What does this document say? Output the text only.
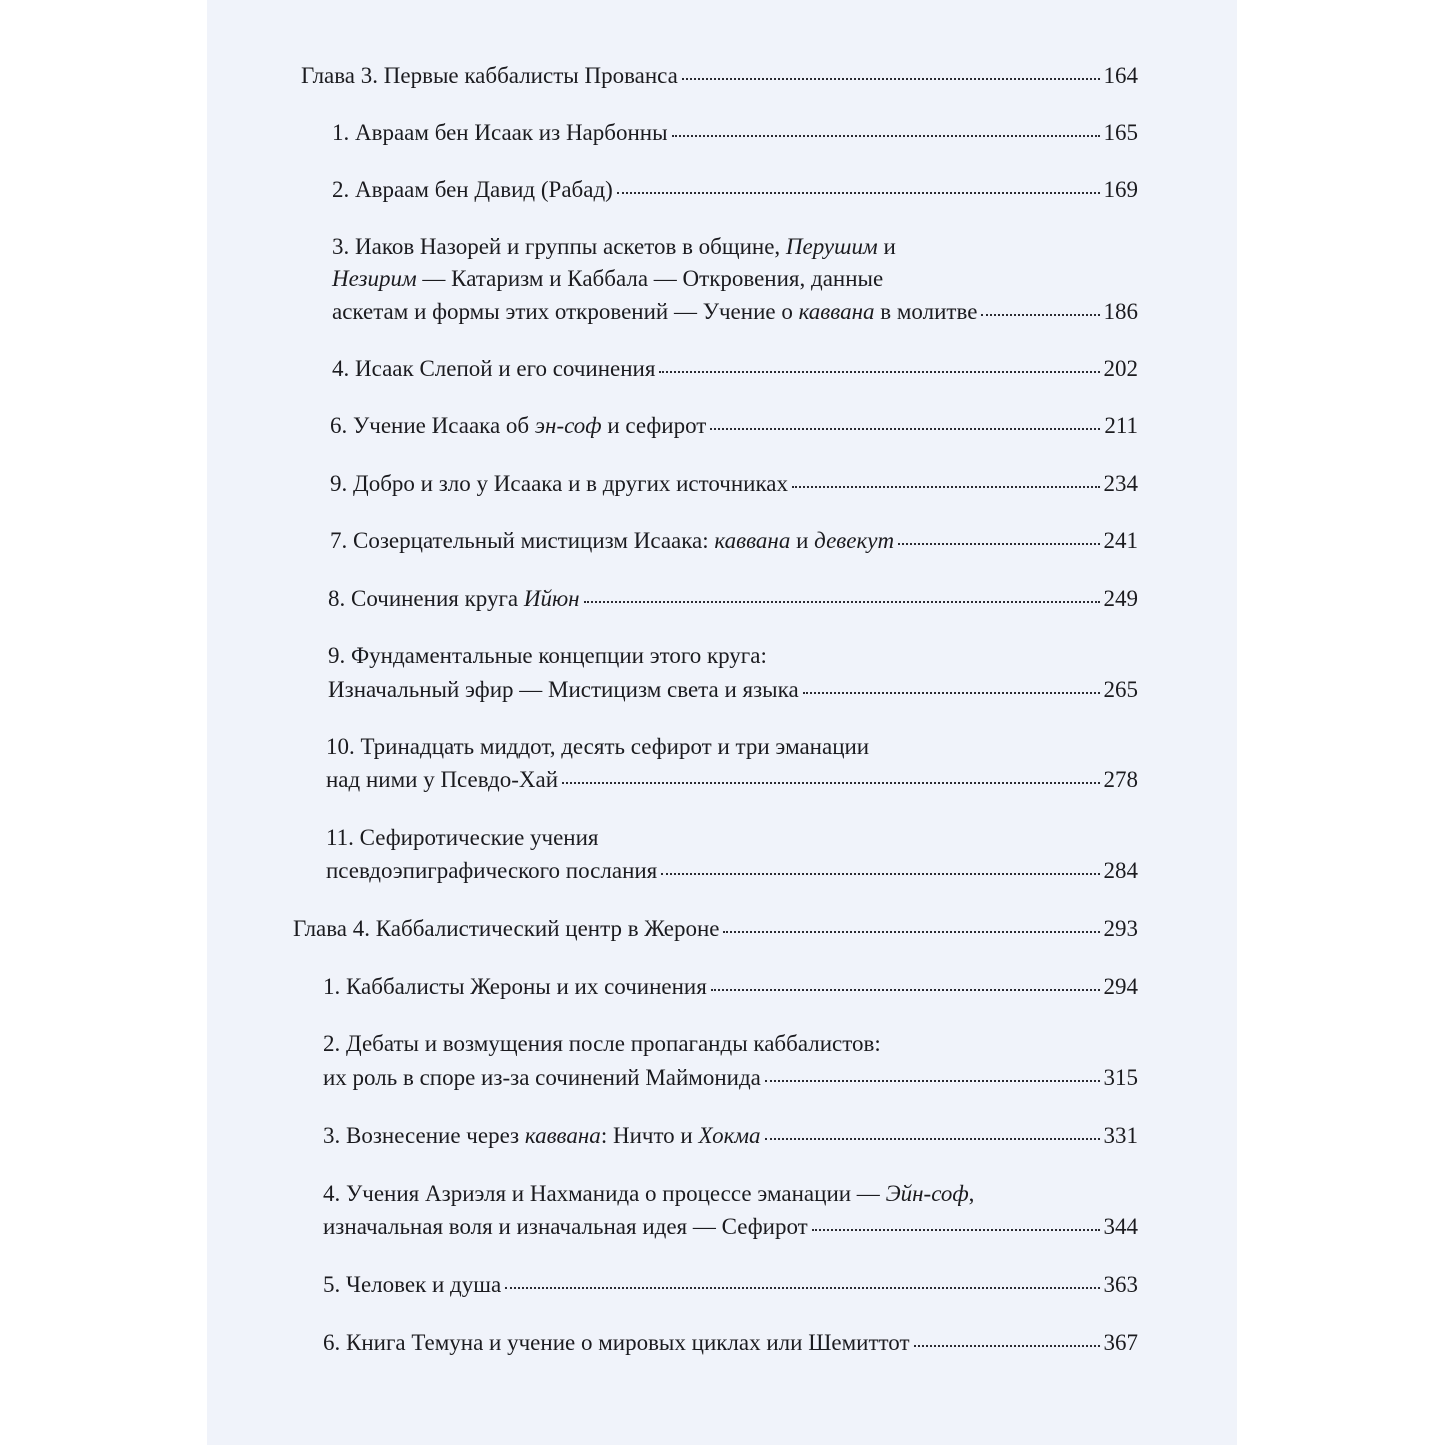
Глава 3. Первые каббалисты Прованса	164
1. Авраам бен Исаак из Нарбонны	165
2. Авраам бен Давид (Рабад)	169
3. Иаков Назорей и группы аскетов в общине, Перушим и
Незирим — Катаризм и Каббала — Откровения, данные
аскетам и формы этих откровений — Учение о каввана в молитве	186
4. Исаак Слепой и его сочинения	202
6. Учение Исаака об эн-соф и сефирот	211
9. Добро и зло у Исаака и в других источниках	234
7. Созерцательный мистицизм Исаака: каввана и девекут	241
8. Сочинения круга Ийюн	249
9. Фундаментальные концепции этого круга:
Изначальный эфир — Мистицизм света и языка	265
10. Тринадцать миддот, десять сефирот и три эманации
над ними у Псевдо-Хай	278
11. Сефиротические учения
псевдоэпиграфического послания	284
Глава 4. Каббалистический центр в Жероне	293
1. Каббалисты Жероны и их сочинения	294
2. Дебаты и возмущения после пропаганды каббалистов:
их роль в споре из-за сочинений Маймонида	315
3. Вознесение через каввана: Ничто и Хокма	331
4. Учения Азриэля и Нахманида о процессе эманации — Эйн-соф,
изначальная воля и изначальная идея — Сефирот	344
5. Человек и душа	363
6. Книга Темуна и учение о мировых циклах или Шемиттот	367
